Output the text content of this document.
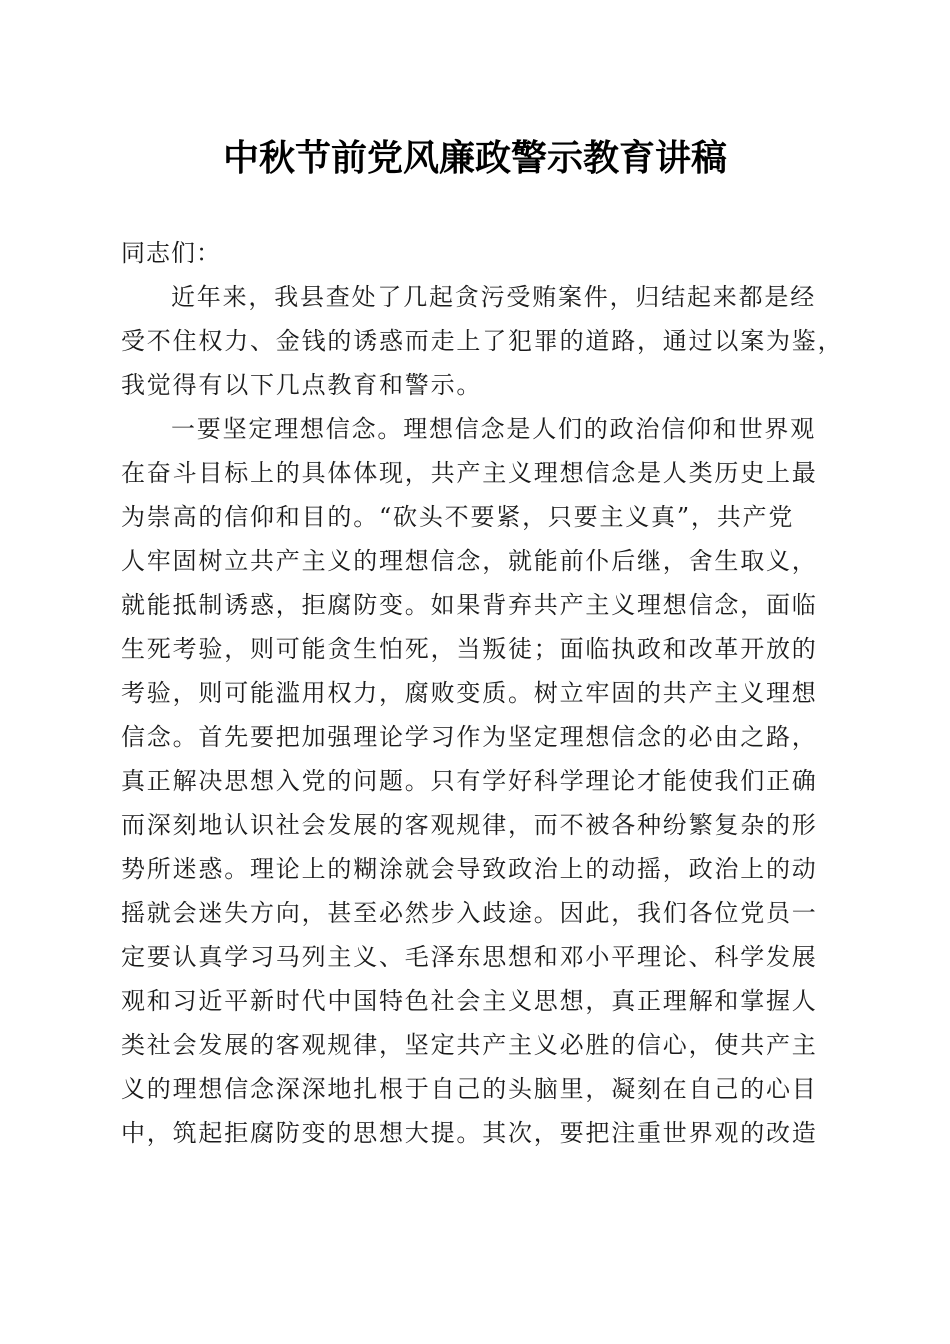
中秋节前党风廉政警示教育讲稿
同志们：
近年来，我县查处了几起贪污受贿案件，归结起来都是经
受不住权力、金钱的诱惑而走上了犯罪的道路，通过以案为鉴，
我觉得有以下几点教育和警示。
一要坚定理想信念。理想信念是人们的政治信仰和世界观
在奋斗目标上的具体体现，共产主义理想信念是人类历史上最
为崇高的信仰和目的。“砍头不要紧，只要主义真”，共产党
人牢固树立共产主义的理想信念，就能前仆后继，舍生取义，
就能抵制诱惑，拒腐防变。如果背弃共产主义理想信念，面临
生死考验，则可能贪生怕死，当叛徒；面临执政和改革开放的
考验，则可能滥用权力，腐败变质。树立牢固的共产主义理想
信念。首先要把加强理论学习作为坚定理想信念的必由之路，
真正解决思想入党的问题。只有学好科学理论才能使我们正确
而深刻地认识社会发展的客观规律，而不被各种纷繁复杂的形
势所迷惑。理论上的糊涂就会导致政治上的动摇，政治上的动
摇就会迷失方向，甚至必然步入歧途。因此，我们各位党员一
定要认真学习马列主义、毛泽东思想和邓小平理论、科学发展
观和习近平新时代中国特色社会主义思想，真正理解和掌握人
类社会发展的客观规律，坚定共产主义必胜的信心，使共产主
义的理想信念深深地扎根于自己的头脑里，凝刻在自己的心目
中，筑起拒腐防变的思想大提。其次，要把注重世界观的改造
